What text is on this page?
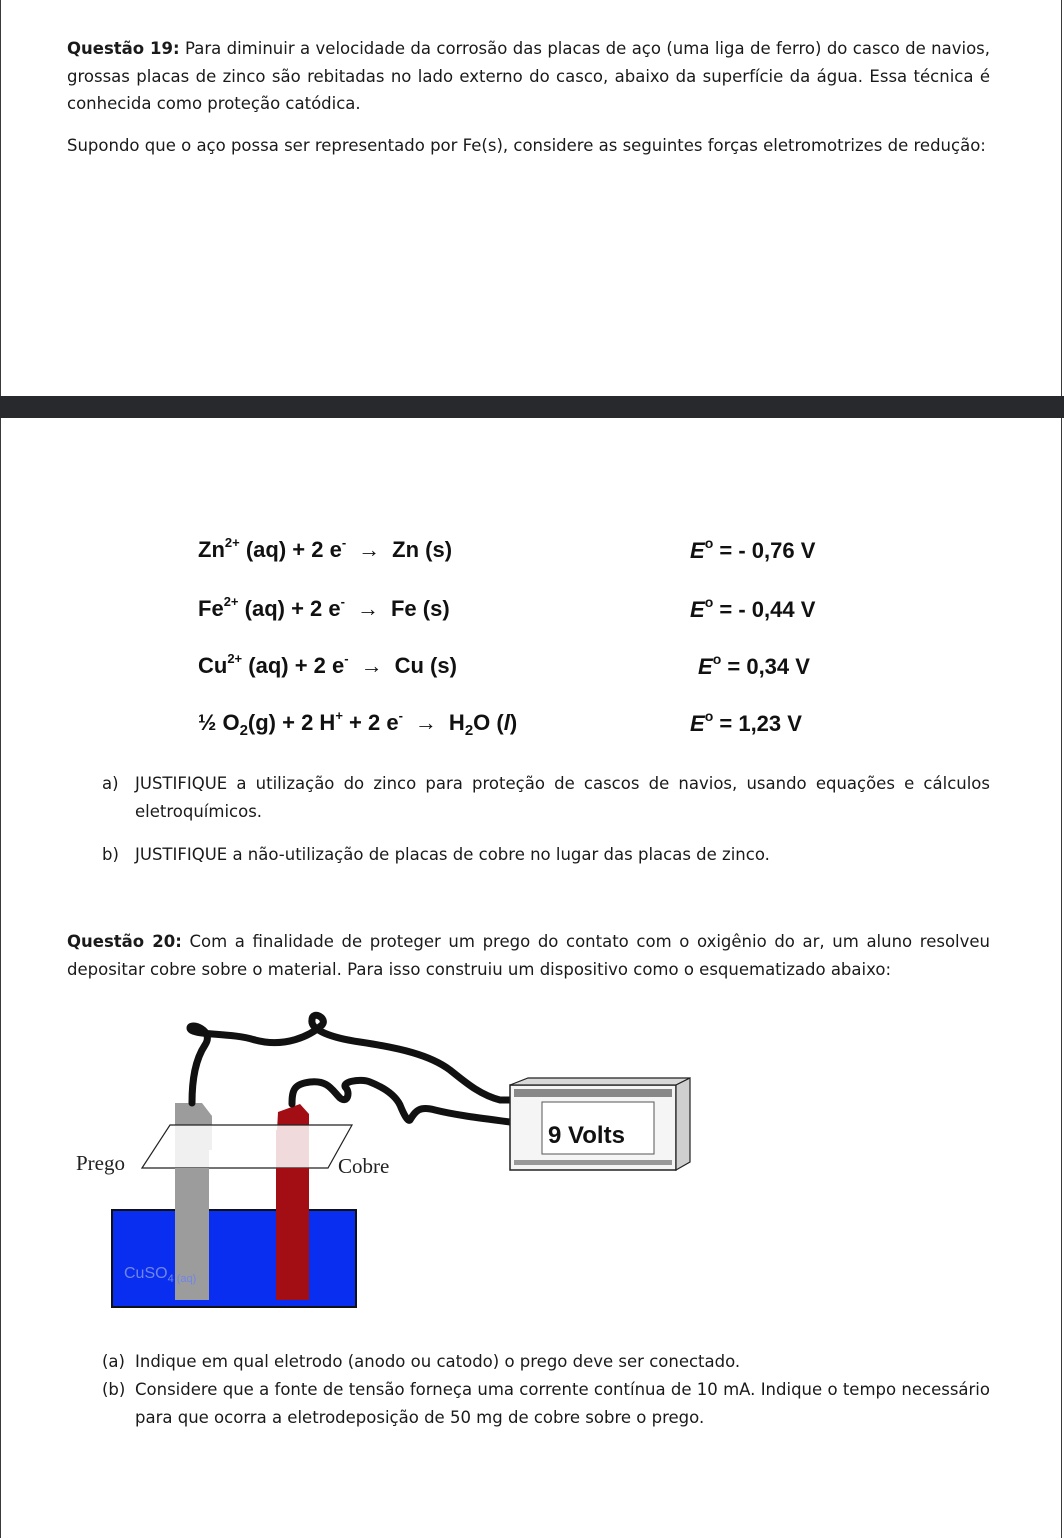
Questão 19: Para diminuir a velocidade da corrosão das placas de aço (uma liga de ferro) do casco de navios, grossas placas de zinco são rebitadas no lado externo do casco, abaixo da superfície da água. Essa técnica é conhecida como proteção catódica.
Supondo que o aço possa ser representado por Fe(s), considere as seguintes forças eletromotrizes de redução:
$Zn^{2+}$ (aq) + 2 e- → Zn (s)	$E^o$ = - 0,76 V
$Fe^{2+}$ (aq) + 2 e- → Fe (s)	$E^o$ = - 0,44 V
$Cu^{2+}$ (aq) + 2 e- → Cu (s)	$E^o = 0,34$ V
½ $O_2(g) + 2$ H+ + 2 $e^- \to H_2O$ (l)	$E^o = 1,23$ V
a) JUSTIFIQUE a utilização do zinco para proteção de cascos de navios, usando equações e cálculos eletroquímicos.
b) JUSTIFIQUE a não-utilização de placas de cobre no lugar das placas de zinco.
Questão 20: Com a finalidade de proteger um prego do contato com o oxigênio do ar, um aluno resolveu depositar cobre sobre o material. Para isso construiu um dispositivo como o esquematizado abaixo:
9 Volts
Prego	Cobre
CuSO$_{4 (aq)}$
(a) Indique em qual eletrodo (anodo ou catodo) o prego deve ser conectado.
(b) Considere que a fonte de tensão forneça uma corrente contínua de 10 mA. Indique o tempo necessário para que ocorra a eletrodeposição de 50 mg de cobre sobre o prego.
